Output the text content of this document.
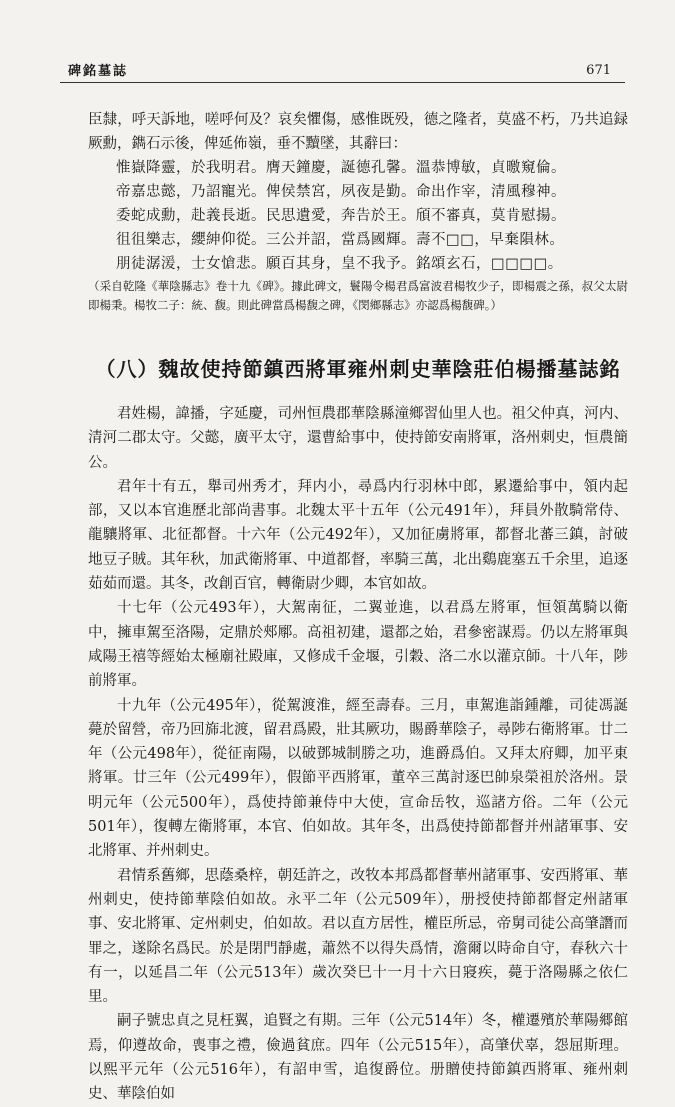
碑銘墓誌	671

臣隸，呼天訴地，嗟呼何及？哀矣懼傷，感惟既殁，德之隆者，莫盛不朽，乃共追録厥勳，鐫石示後，俾延佈嶺，垂不黷墜，其辭曰：

惟嶽降靈，於我明君。膺天鐘慶，誕德孔馨。溫恭博敏，貞曒窺倫。

帝嘉忠懿，乃詔寵光。俾侯禁宮，夙夜是勤。命出作宰，清風穆神。

委蛇成勳，赴義長逝。民思遺愛，奔告於王。頎不審真，莫肯慰揚。

徂徂樂志，纓紳仰從。三公并詔，當爲國輝。壽不□□，早棄隕林。

朋徒潺湲，士女愴悲。願百其身，皇不我予。銘頌玄石，□□□□。

（采自乾隆《華陰縣志》卷十九《碑》。據此碑文，鬟陽令楊君爲富波君楊牧少子，即楊震之孫，叔父太尉即楊秉。楊牧二子：統、馥。則此碑當爲楊馥之碑，《閔鄉縣志》亦認爲楊馥碑。）
（八）魏故使持節鎮西將軍雍州刺史華陰莊伯楊播墓誌銘

君姓楊，諱播，字延慶，司州恒農郡華陰縣潼鄉習仙里人也。祖父仲真，河内、清河二郡太守。父懿，廣平太守，還曹給事中，使持節安南將軍，洛州刺史，恒農簡公。

君年十有五，舉司州秀才，拜内小，尋爲内行羽林中郎，累遷給事中，領内起部，又以本官進歷北部尚書事。北魏太平十五年（公元491年），拜員外散騎常侍、龍驤將軍、北征都督。十六年（公元492年），又加征虜將軍，都督北蕃三鎮，討破地豆子賊。其年秋，加武衛將軍、中道都督，率騎三萬，北出鷄鹿塞五千余里，追逐茹茹而還。其冬，改創百官，轉衛尉少卿，本官如故。

十七年（公元493年），大駕南征，二翼並進，以君爲左將軍，恒領萬騎以衛中，擁車駕至洛陽，定鼎於郟鄏。高祖初建，還都之始，君參密謀焉。仍以左將軍與咸陽王禧等經始太極廟社殿庫，又修成千金堰，引穀、洛二水以灌京師。十八年，陟前將軍。

十九年（公元495年），從駕渡淮，經至壽春。三月，車駕進詣鍾離，司徒馮誕薨於留營，帝乃回旆北渡，留君爲殿，壯其厥功，賜爵華陰子，尋陟右衛將軍。廿二年（公元498年），從征南陽，以破鄧城制勝之功，進爵爲伯。又拜太府卿，加平東將軍。廿三年（公元499年），假節平西將軍，董卒三萬討逐巴帥泉榮祖於洛州。景明元年（公元500年），爲使持節兼侍中大使，宣命岳牧，巡諸方俗。二年（公元501年），復轉左衛將軍，本官、伯如故。其年冬，出爲使持節都督并州諸軍事、安北將軍、并州刺史。

君情系舊鄉，思蔭桑梓，朝廷許之，改牧本邦爲都督華州諸軍事、安西將軍、華州刺史，使持節華陰伯如故。永平二年（公元509年），册授使持節都督定州諸軍事、安北將軍、定州刺史，伯如故。君以直方居性，權臣所忌，帝舅司徒公高肇譖而罪之，遂除名爲民。於是閉門靜處，蕭然不以得失爲情，澹爾以時命自守，春秋六十有一，以延昌二年（公元513年）歲次癸巳十一月十六日寢疾，薨于洛陽縣之依仁里。

嗣子號忠貞之見枉翼，追賢之有期。三年（公元514年）冬，權遷殯於華陽郷館焉，仰遵故命，喪事之禮，儉過貧庶。四年（公元515年），高肇伏辜，怨屈斯理。以熙平元年（公元516年），有詔申雪，追復爵位。册贈使持節鎮西將軍、雍州刺史、華陰伯如
